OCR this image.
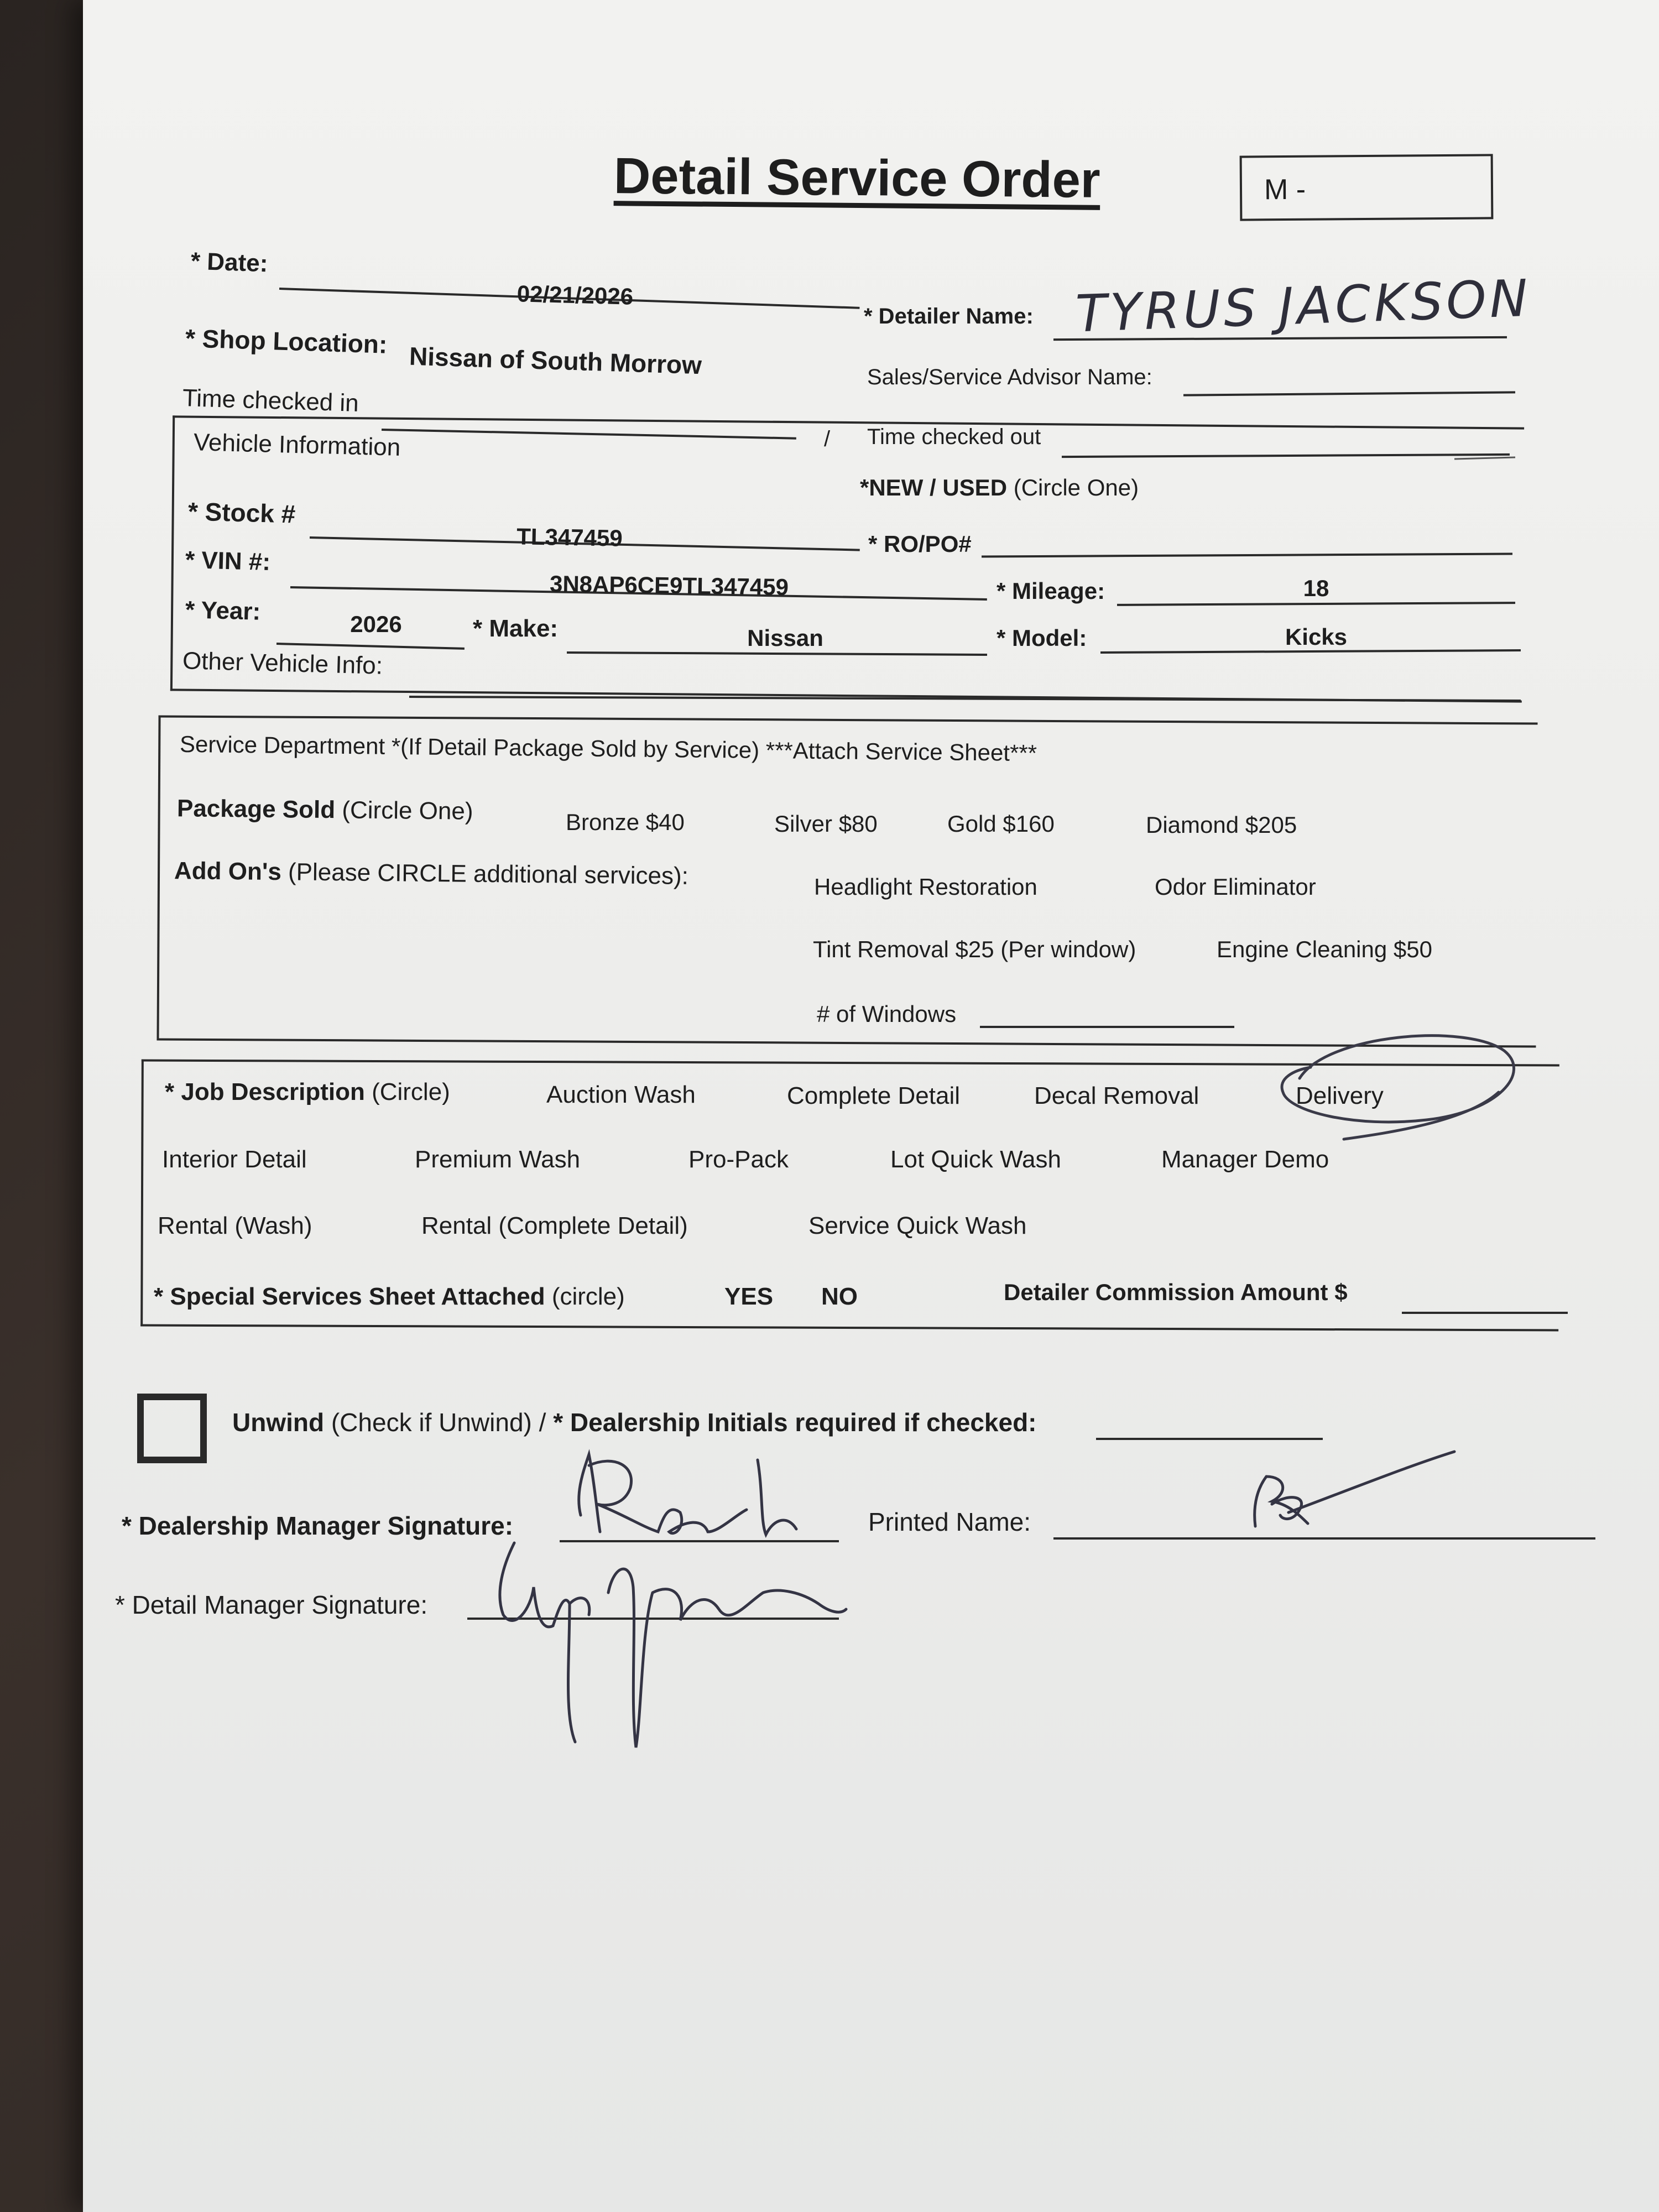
Detail Service Order	M -
* Date:
02/21/2026
* Detailer Name: TYRUS JACKSON
* Shop Location:
Nissan of South Morrow	Sales/Service Advisor Name:
Time checked in
/ Time checked out
Vehicle Information
*NEW / USED (Circle One)
* Stock #
TL347459	* RO/PO#
* VIN #:
3N8AP6CE9TL347459	* Mileage:	18
* Year:	2026	* Make:	Nissan	* Model:	Kicks
Other Vehicle Info:
Service Department *(If Detail Package Sold by Service) ***Attach Service Sheet***
Package Sold (Circle One)	Bronze $40	Silver $80	Gold $160	Diamond $205
Add On's (Please CIRCLE additional services):	Headlight Restoration	Odor Eliminator
Tint Removal $25 (Per window)	Engine Cleaning $50
# of Windows
* Job Description (Circle)	Auction Wash	Complete Detail	Decal Removal	Delivery
Interior Detail	Premium Wash	Pro-Pack	Lot Quick Wash	Manager Demo
Rental (Wash)	Rental (Complete Detail)	Service Quick Wash
* Special Services Sheet Attached (circle)	YES NO	Detailer Commission Amount $
Unwind (Check if Unwind) / * Dealership Initials required if checked:
* Dealership Manager Signature:	Printed Name:
* Detail Manager Signature:
